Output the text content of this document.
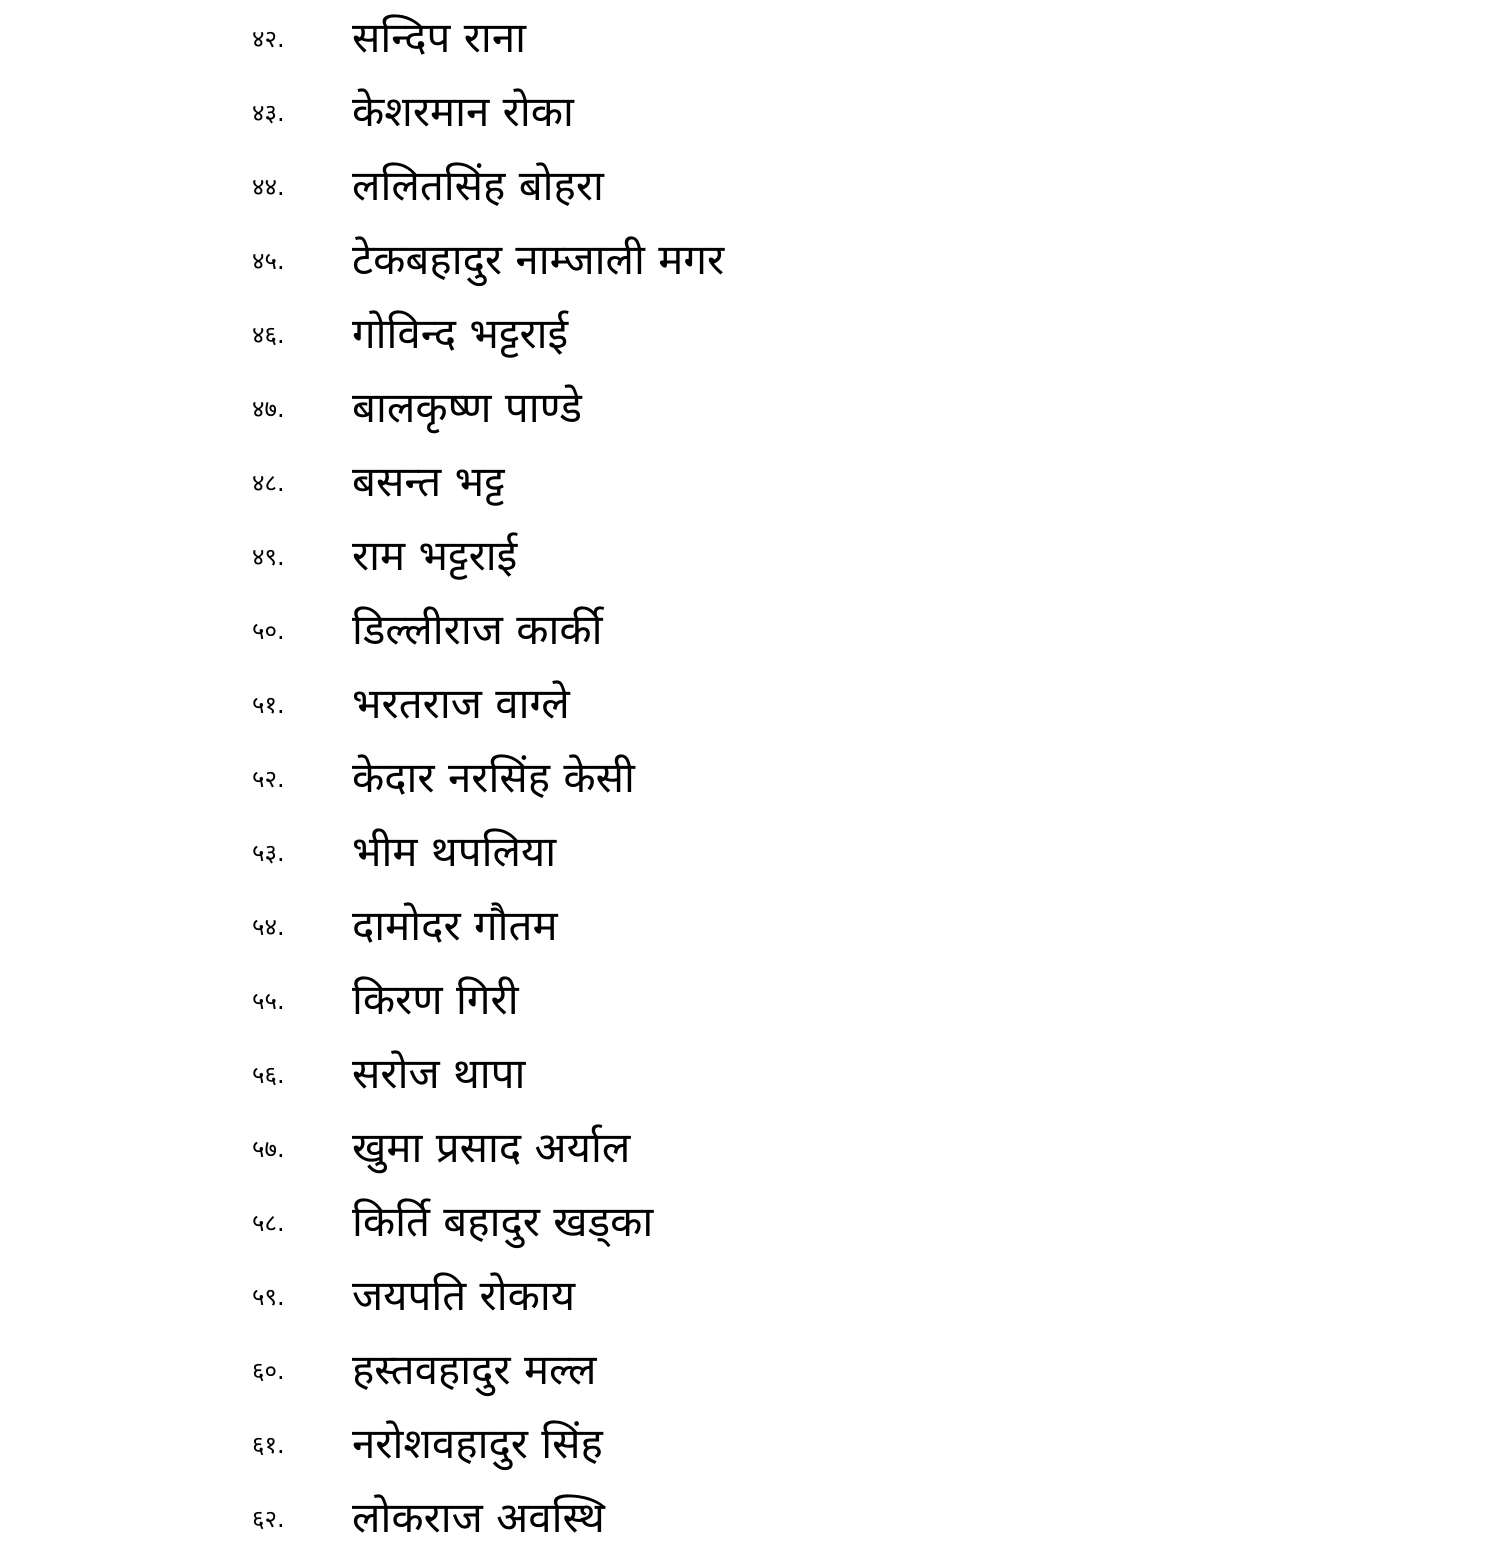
४२. सन्दिप राना
४३. केशरमान रोका
४४. ललितसिंह बोहरा
४५. टेकबहादुर नाम्जाली मगर
४६. गोविन्द भट्टराई
४७. बालकृष्ण पाण्डे
४८. बसन्त भट्ट
४९. राम भट्टराई
५०. डिल्लीराज कार्की
५१. भरतराज वाग्ले
५२. केदार नरसिंह केसी
५३. भीम थपलिया
५४. दामोदर गौतम
५५. किरण गिरी
५६. सरोज थापा
५७. खुमा प्रसाद अर्याल
५८. किर्ति बहादुर खड्का
५९. जयपति रोकाय
६०. हस्तवहादुर मल्ल
६१. नरोशवहादुर सिंह
६२. लोकराज अवस्थि
